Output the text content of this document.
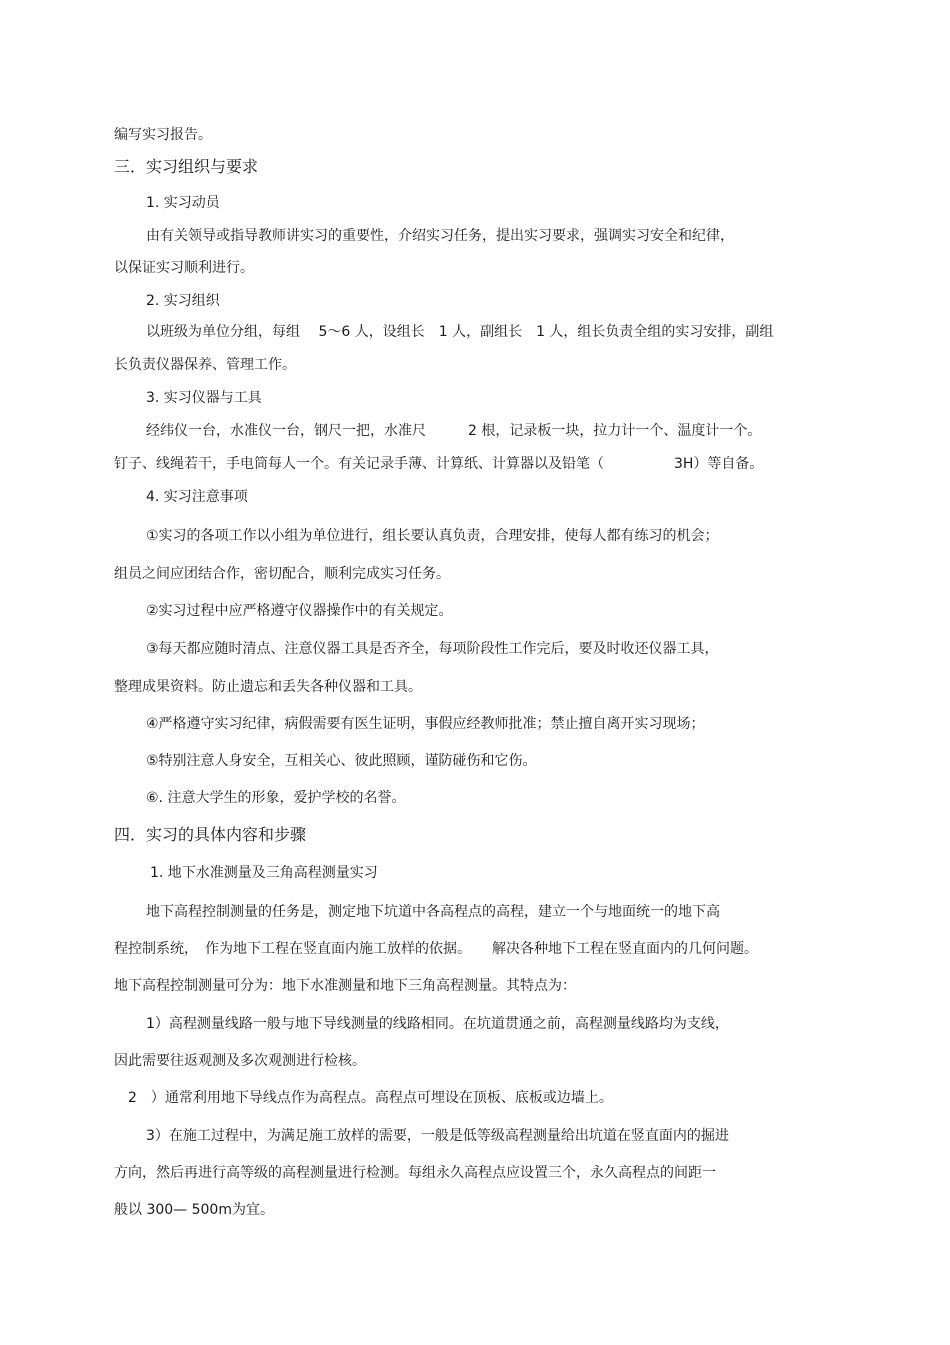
编写实习报告。
三．实习组织与要求
1. 实习动员
由有关领导或指导教师讲实习的重要性，介绍实习任务，提出实习要求，强调实习安全和纪律，
以保证实习顺利进行。
2. 实习组织
以班级为单位分组，每组　 5～6 人，设组长　1 人，副组长　1 人，组长负责全组的实习安排，副组
长负责仪器保养、管理工作。
3. 实习仪器与工具
经纬仪一台，水准仪一台，钢尺一把，水准尺　　　2 根，记录板一块，拉力计一个、温度计一个。
钉子、线绳若干，手电筒每人一个。有关记录手薄、计算纸、计算器以及铅笔（　　　　　3H）等自备。
4. 实习注意事项
①实习的各项工作以小组为单位进行，组长要认真负责，合理安排，使每人都有练习的机会；
组员之间应团结合作，密切配合，顺利完成实习任务。
②实习过程中应严格遵守仪器操作中的有关规定。
③每天都应随时清点、注意仪器工具是否齐全，每项阶段性工作完后，要及时收还仪器工具，
整理成果资料。防止遗忘和丢失各种仪器和工具。
④严格遵守实习纪律，病假需要有医生证明，事假应经教师批准；禁止擅自离开实习现场；
⑤特别注意人身安全，互相关心、彼此照顾，谨防碰伤和它伤。
⑥. 注意大学生的形象，爱护学校的名誉。
四．实习的具体内容和步骤
1. 地下水准测量及三角高程测量实习
地下高程控制测量的任务是，测定地下坑道中各高程点的高程，建立一个与地面统一的地下高
程控制系统，　作为地下工程在竖直面内施工放样的依据。　　解决各种地下工程在竖直面内的几何问题。
地下高程控制测量可分为：地下水准测量和地下三角高程测量。其特点为：
1）高程测量线路一般与地下导线测量的线路相同。在坑道贯通之前，高程测量线路均为支线，
因此需要往返观测及多次观测进行检核。
2　）通常利用地下导线点作为高程点。高程点可埋设在顶板、底板或边墙上。
3）在施工过程中，为满足施工放样的需要，一般是低等级高程测量给出坑道在竖直面内的掘进
方向，然后再进行高等级的高程测量进行检测。每组永久高程点应设置三个，永久高程点的间距一
般以 300— 500m为宜。
